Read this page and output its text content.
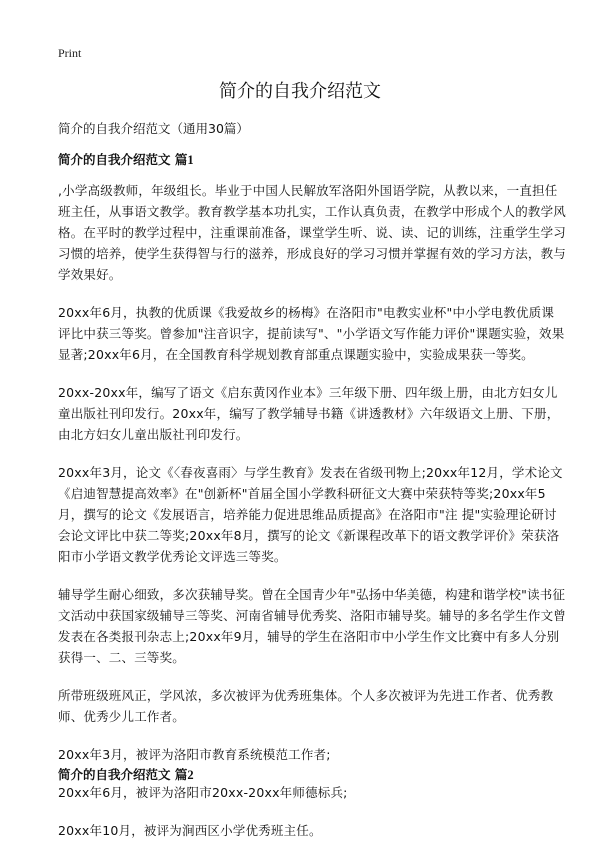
Print
简介的自我介绍范文

简介的自我介绍范文（通用30篇）

简介的自我介绍范文 篇1

,小学高级教师，年级组长。毕业于中国人民解放军洛阳外国语学院，从教以来，一直担任班主任，从事语文教学。教育教学基本功扎实，工作认真负责，在教学中形成个人的教学风格。在平时的教学过程中，注重课前准备，课堂学生听、说、读、记的训练，注重学生学习习惯的培养，使学生获得智与行的滋养，形成良好的学习习惯并掌握有效的学习方法，教与学效果好。

20xx年6月，执教的优质课《我爱故乡的杨梅》在洛阳市"电教实业杯"中小学电教优质课评比中获三等奖。曾参加"注音识字，提前读写"、"小学语文写作能力评价"课题实验，效果显著;20xx年6月，在全国教育科学规划教育部重点课题实验中，实验成果获一等奖。

20xx-20xx年，编写了语文《启东黄冈作业本》三年级下册、四年级上册，由北方妇女儿童出版社刊印发行。20xx年，编写了教学辅导书籍《讲透教材》六年级语文上册、下册，由北方妇女儿童出版社刊印发行。

20xx年3月，论文《〈春夜喜雨〉与学生教育》发表在省级刊物上;20xx年12月，学术论文《启迪智慧提高效率》在"创新杯"首届全国小学教科研征文大赛中荣获特等奖;20xx年5月，撰写的论文《发展语言，培养能力促进思维品质提高》在洛阳市"注 提"实验理论研讨会论文评比中获二等奖;20xx年8月，撰写的论文《新课程改革下的语文教学评价》荣获洛阳市小学语文教学优秀论文评选三等奖。

辅导学生耐心细致，多次获辅导奖。曾在全国青少年"弘扬中华美德，构建和谐学校"读书征文活动中获国家级辅导三等奖、河南省辅导优秀奖、洛阳市辅导奖。辅导的多名学生作文曾发表在各类报刊杂志上;20xx年9月，辅导的学生在洛阳市中小学生作文比赛中有多人分别获得一、二、三等奖。

所带班级班风正，学风浓，多次被评为优秀班集体。个人多次被评为先进工作者、优秀教师、优秀少儿工作者。

20xx年3月，被评为洛阳市教育系统模范工作者;

20xx年6月，被评为洛阳市20xx-20xx年师德标兵;

20xx年10月，被评为涧西区小学优秀班主任。

简介的自我介绍范文 篇2
